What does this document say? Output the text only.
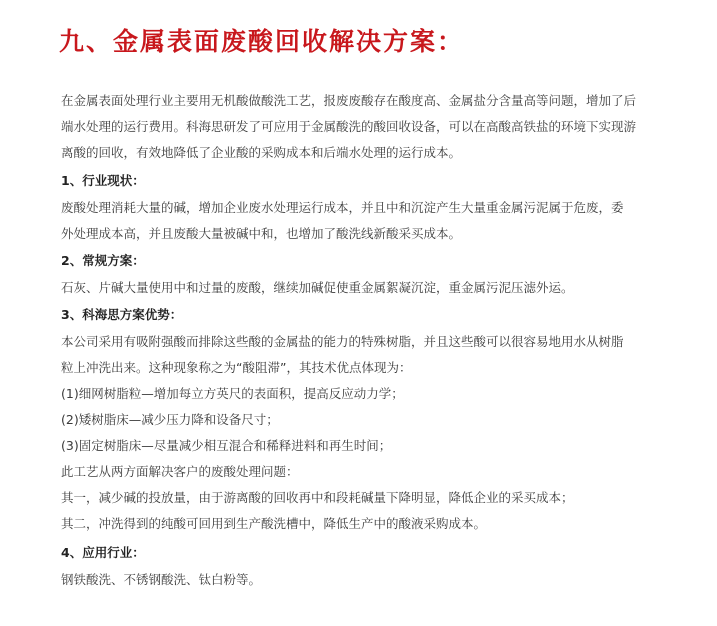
九、金属表面废酸回收解决方案：
在金属表面处理行业主要用无机酸做酸洗工艺，报废废酸存在酸度高、金属盐分含量高等问题，增加了后
端水处理的运行费用。科海思研发了可应用于金属酸洗的酸回收设备，可以在高酸高铁盐的环境下实现游
离酸的回收，有效地降低了企业酸的采购成本和后端水处理的运行成本。
1、行业现状：
废酸处理消耗大量的碱，增加企业废水处理运行成本，并且中和沉淀产生大量重金属污泥属于危废，委
外处理成本高，并且废酸大量被碱中和，也增加了酸洗线新酸采买成本。
2、常规方案：
石灰、片碱大量使用中和过量的废酸，继续加碱促使重金属絮凝沉淀，重金属污泥压滤外运。
3、科海思方案优势：
本公司采用有吸附强酸而排除这些酸的金属盐的能力的特殊树脂，并且这些酸可以很容易地用水从树脂
粒上冲洗出来。这种现象称之为“酸阻滞”，其技术优点体现为：
(1)细网树脂粒—增加每立方英尺的表面积，提高反应动力学；
(2)矮树脂床—减少压力降和设备尺寸；
(3)固定树脂床—尽量减少相互混合和稀释进料和再生时间；
此工艺从两方面解决客户的废酸处理问题：
其一，减少碱的投放量，由于游离酸的回收再中和段耗碱量下降明显，降低企业的采买成本；
其二，冲洗得到的纯酸可回用到生产酸洗槽中，降低生产中的酸液采购成本。
4、应用行业：
钢铁酸洗、不锈钢酸洗、钛白粉等。
